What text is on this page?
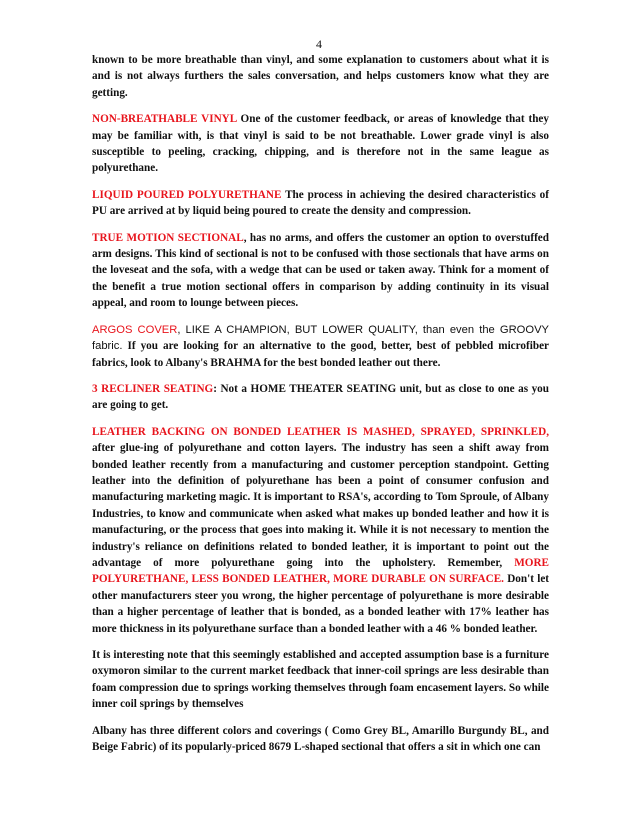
4

known to be more breathable than vinyl, and some explanation to customers about what it is and is not always furthers the sales conversation, and helps customers know what they are getting.

NON-BREATHABLE VINYL One of the customer feedback, or areas of knowledge that they may be familiar with, is that vinyl is said to be not breathable. Lower grade vinyl is also susceptible to peeling, cracking, chipping, and is therefore not in the same league as polyurethane.

LIQUID POURED POLYURETHANE The process in achieving the desired characteristics of PU are arrived at by liquid being poured to create the density and compression.

TRUE MOTION SECTIONAL, has no arms, and offers the customer an option to overstuffed arm designs. This kind of sectional is not to be confused with those sectionals that have arms on the loveseat and the sofa, with a wedge that can be used or taken away. Think for a moment of the benefit a true motion sectional offers in comparison by adding continuity in its visual appeal, and room to lounge between pieces.

ARGOS COVER, LIKE A CHAMPION, BUT LOWER QUALITY, than even the GROOVY fabric. If you are looking for an alternative to the good, better, best of pebbled microfiber fabrics, look to Albany's BRAHMA for the best bonded leather out there.

3 RECLINER SEATING: Not a HOME THEATER SEATING unit, but as close to one as you are going to get.

LEATHER BACKING ON BONDED LEATHER IS MASHED, SPRAYED, SPRINKLED, after glue-ing of polyurethane and cotton layers. The industry has seen a shift away from bonded leather recently from a manufacturing and customer perception standpoint. Getting leather into the definition of polyurethane has been a point of consumer confusion and manufacturing marketing magic. It is important to RSA's, according to Tom Sproule, of Albany Industries, to know and communicate when asked what makes up bonded leather and how it is manufacturing, or the process that goes into making it. While it is not necessary to mention the industry's reliance on definitions related to bonded leather, it is important to point out the advantage of more polyurethane going into the upholstery. Remember, MORE POLYURETHANE, LESS BONDED LEATHER, MORE DURABLE ON SURFACE. Don't let other manufacturers steer you wrong, the higher percentage of polyurethane is more desirable than a higher percentage of leather that is bonded, as a bonded leather with 17% leather has more thickness in its polyurethane surface than a bonded leather with a 46 % bonded leather.

It is interesting note that this seemingly established and accepted assumption base is a furniture oxymoron similar to the current market feedback that inner-coil springs are less desirable than foam compression due to springs working themselves through foam encasement layers. So while inner coil springs by themselves

Albany has three different colors and coverings ( Como Grey BL, Amarillo Burgundy BL, and Beige Fabric) of its popularly-priced 8679 L-shaped sectional that offers a sit in which one can
